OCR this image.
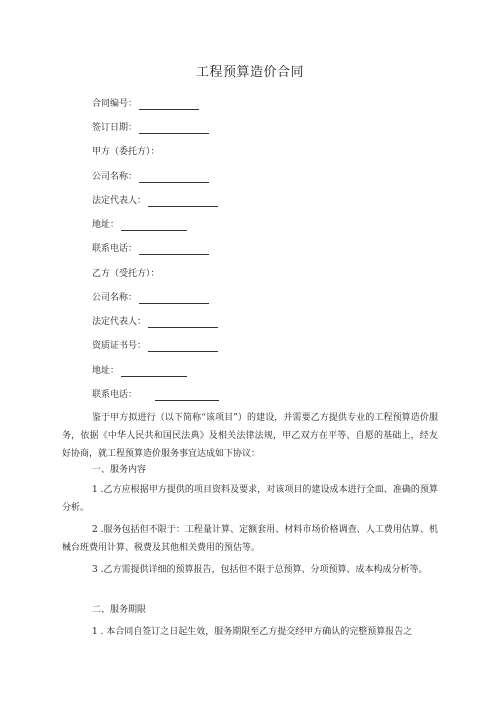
工程预算造价合同
合同编号：
签订日期：
甲方（委托方）：
公司名称：
法定代表人：
地址：
联系电话：
乙方（受托方）：
公司名称：
法定代表人：
资质证书号：
地址：
联系电话：

鉴于甲方拟进行（以下简称“该项目”）的建设，并需要乙方提供专业的工程预算造价服务，依据《中华人民共和国民法典》及相关法律法规，甲乙双方在平等、自愿的基础上，经友好协商，就工程预算造价服务事宜达成如下协议：

一、服务内容

1 .乙方应根据甲方提供的项目资料及要求，对该项目的建设成本进行全面、准确的预算分析。

2 .服务包括但不限于：工程量计算、定额套用、材料市场价格调查、人工费用估算、机械台班费用计算、税费及其他相关费用的预估等。

3 .乙方需提供详细的预算报告，包括但不限于总预算、分项预算、成本构成分析等。

二、服务期限

1 . 本合同自签订之日起生效，服务期限至乙方提交经甲方确认的完整预算报告之
